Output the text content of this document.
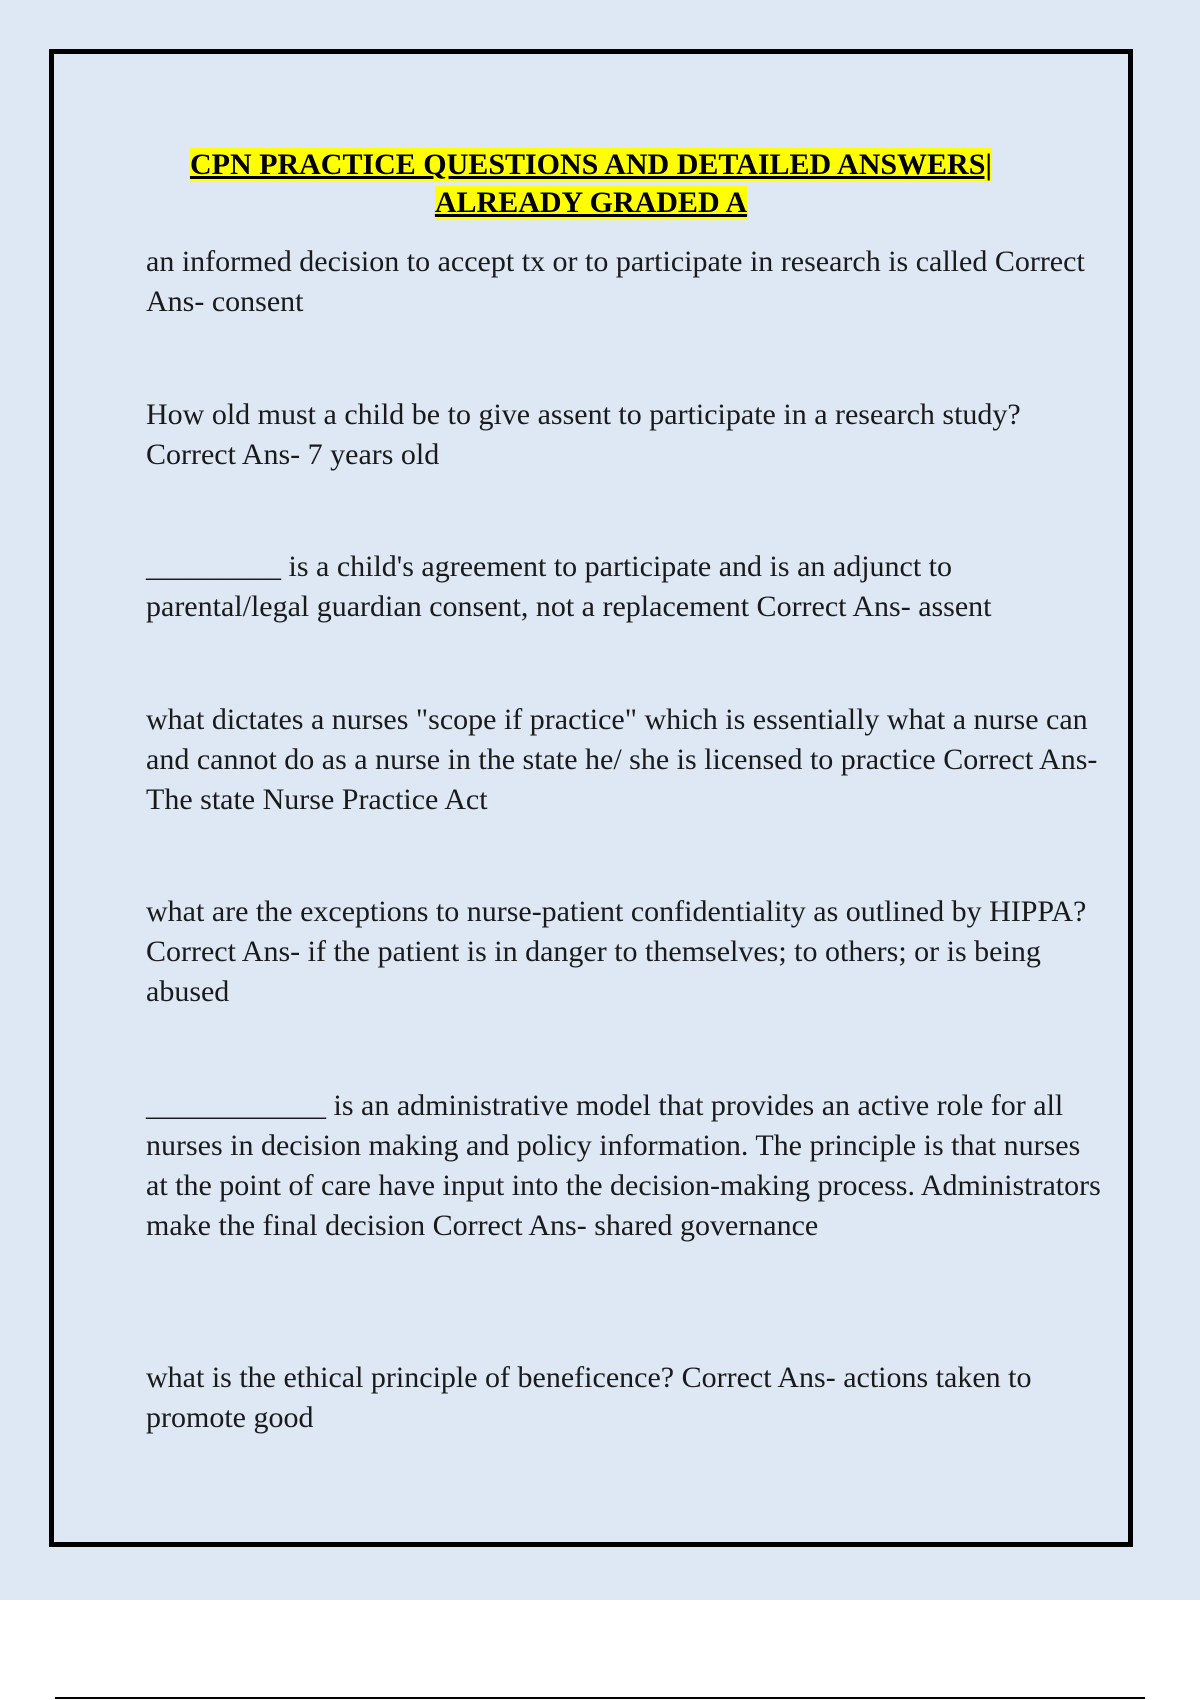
CPN PRACTICE QUESTIONS AND DETAILED ANSWERS|
ALREADY GRADED A

an informed decision to accept tx or to participate in research is called Correct Ans- consent

How old must a child be to give assent to participate in a research study? Correct Ans- 7 years old

_________ is a child's agreement to participate and is an adjunct to parental/legal guardian consent, not a replacement Correct Ans- assent

what dictates a nurses "scope if practice" which is essentially what a nurse can and cannot do as a nurse in the state he/ she is licensed to practice Correct Ans- The state Nurse Practice Act

what are the exceptions to nurse-patient confidentiality as outlined by HIPPA? Correct Ans- if the patient is in danger to themselves; to others; or is being abused

____________ is an administrative model that provides an active role for all nurses in decision making and policy information. The principle is that nurses at the point of care have input into the decision-making process. Administrators make the final decision Correct Ans- shared governance

what is the ethical principle of beneficence? Correct Ans- actions taken to promote good
